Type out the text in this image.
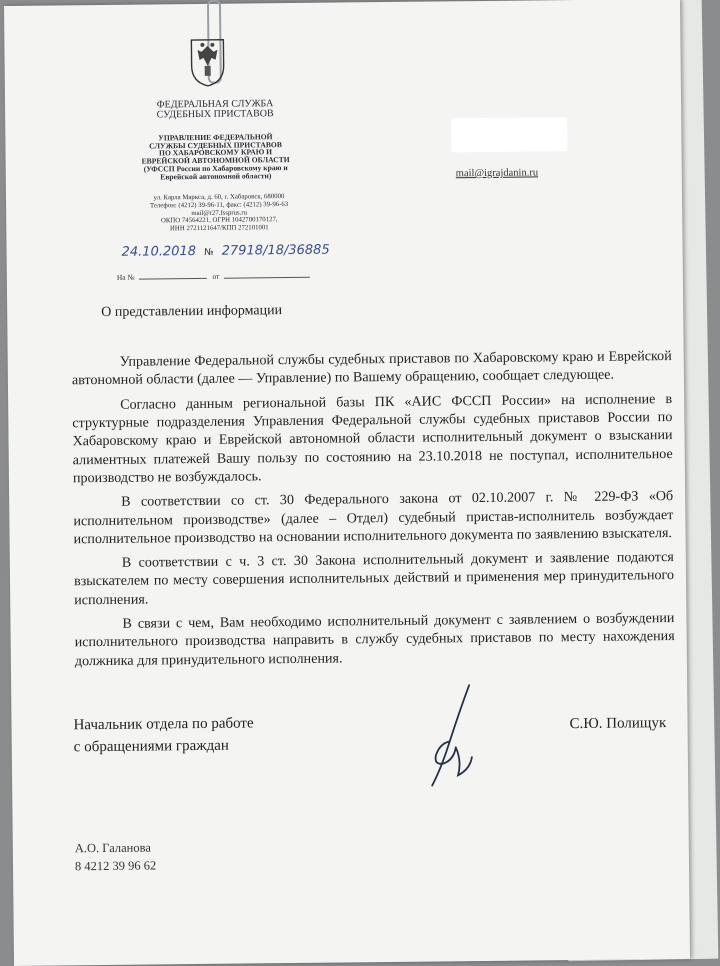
ФЕДЕРАЛЬНАЯ СЛУЖБА
СУДЕБНЫХ ПРИСТАВОВ
УПРАВЛЕНИЕ ФЕДЕРАЛЬНОЙ
СЛУЖБЫ СУДЕБНЫХ ПРИСТАВОВ
ПО ХАБАРОВСКОМУ КРАЮ И
ЕВРЕЙСКОЙ АВТОНОМНОЙ ОБЛАСТИ
(УФССП России по Хабаровскому краю и
Еврейской автономной области)
ул. Карла Маркса, д. 60, г. Хабаровск, 680000
Телефон: (4212) 39-96-11, факс: (4212) 39-96-63
mail@r27.fssprus.ru
ОКПО 74564221, ОГРН 1042700170127,
ИНН 2721121647/КПП 272101001
24.10.2018 № 27918/18/36885
На №	от
mail@igrajdanin.ru
О представлении информации

Управление Федеральной службы судебных приставов по Хабаровскому краю и Еврейской автономной области (далее — Управление) по Вашему обращению, сообщает следующее.

Согласно данным региональной базы ПК «АИС ФССП России» на исполнение в структурные подразделения Управления Федеральной службы судебных приставов России по Хабаровскому краю и Еврейской автономной области исполнительный документ о взыскании алиментных платежей Вашу пользу по состоянию на 23.10.2018 не поступал, исполнительное производство не возбуждалось.

В соответствии со ст. 30 Федерального закона от 02.10.2007 г. № 229-ФЗ «Об исполнительном производстве» (далее – Отдел) судебный пристав-исполнитель возбуждает исполнительное производство на основании исполнительного документа по заявлению взыскателя.

В соответствии с ч. 3 ст. 30 Закона исполнительный документ и заявление подаются взыскателем по месту совершения исполнительных действий и применения мер принудительного исполнения.

В связи с чем, Вам необходимо исполнительный документ с заявлением о возбуждении исполнительного производства направить в службу судебных приставов по месту нахождения должника для принудительного исполнения.

Начальник отдела по работе
с обращениями граждан
С.Ю. Полищук
А.О. Галанова
8 4212 39 96 62
